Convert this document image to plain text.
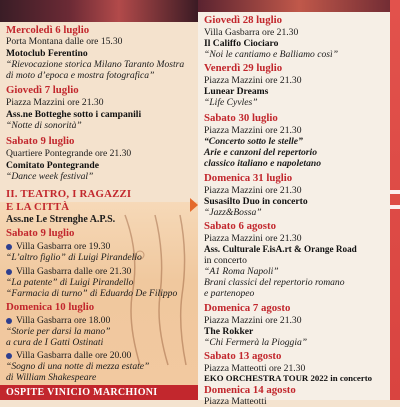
Mercoledì 6 luglio
Porta Montana dalle ore 15.30
Motoclub Ferentino
“Rievocazione storica Milano Taranto Mostra
di moto d’epoca e mostra fotografica”
Giovedì 7 luglio
Piazza Mazzini ore 21.30
Ass.ne Botteghe sotto i campanili
“Notte di sonorità”
Sabato 9 luglio
Quartiere Pontegrande ore 21.30
Comitato Pontegrande
“Dance week festival”
II. TEATRO, I RAGAZZI
E LA CITTÀ
Ass.ne Le Strenghe A.P.S.
Sabato 9 luglio
Villa Gasbarra ore 19.30
“L’altro figlio” di Luigi Pirandello
Villa Gasbarra dalle ore 21.30
“La patente” di Luigi Pirandello
“Farmacia di turno” di Eduardo De Filippo
Domenica 10 luglio
Villa Gasbarra ore 18.00
“Storie per darsi la mano”
a cura de I Gatti Ostinati
Villa Gasbarra dalle ore 20.00
“Sogno di una notte di mezza estate”
di William Shakespeare
OSPITE VINICIO MARCHIONI
Giovedì 28 luglio
Villa Gasbarra ore 21.30
Il Califfo Ciociaro
“Noi le cantiamo e Balliamo così”
Venerdì 29 luglio
Piazza Mazzini ore 21.30
Lunear Dreams
“Life Cyvles”
Sabato 30 luglio
Piazza Mazzini ore 21.30
“Concerto sotto le stelle”
Arie e canzoni del repertorio
classico italiano e napoletano
Domenica 31 luglio
Piazza Mazzini ore 21.30
Susasilto Duo in concerto
“Jazz&Bossa”
Sabato 6 agosto
Piazza Mazzini ore 21.30
Ass. Culturale F.isA.rt & Orange Road
in concerto
“A1 Roma Napoli”
Brani classici del repertorio romano
e partenopeo
Domenica 7 agosto
Piazza Mazzini ore 21.30
The Rokker
“Chi Fermerà la Pioggia”
Sabato 13 agosto
Piazza Matteotti ore 21.30
EKO ORCHESTRA TOUR 2022 in concerto
Domenica 14 agosto
Piazza Matteotti
